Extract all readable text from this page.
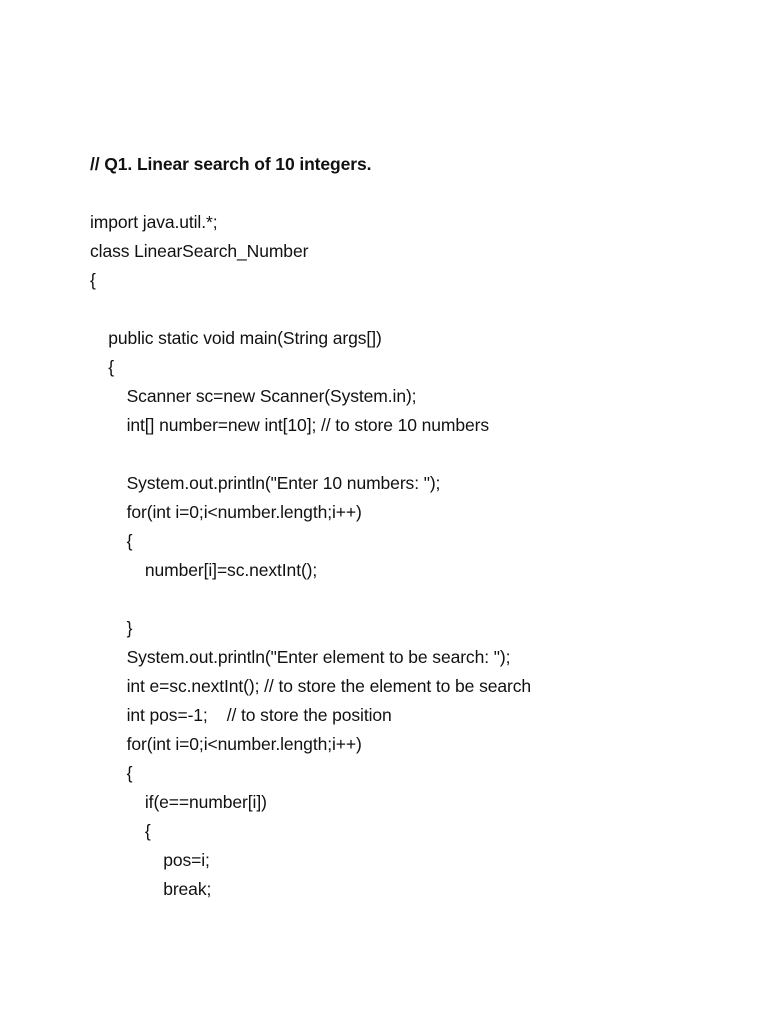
// Q1. Linear search of 10 integers.
import java.util.*;
class LinearSearch_Number
{
public static void main(String args[])
{
Scanner sc=new Scanner(System.in);
int[] number=new int[10]; // to store 10 numbers
System.out.println("Enter 10 numbers: ");
for(int i=0;i<number.length;i++)
{
number[i]=sc.nextInt();
}
System.out.println("Enter element to be search: ");
int e=sc.nextInt(); // to store the element to be search
int pos=-1;    // to store the position
for(int i=0;i<number.length;i++)
{
if(e==number[i])
{
pos=i;
break;
